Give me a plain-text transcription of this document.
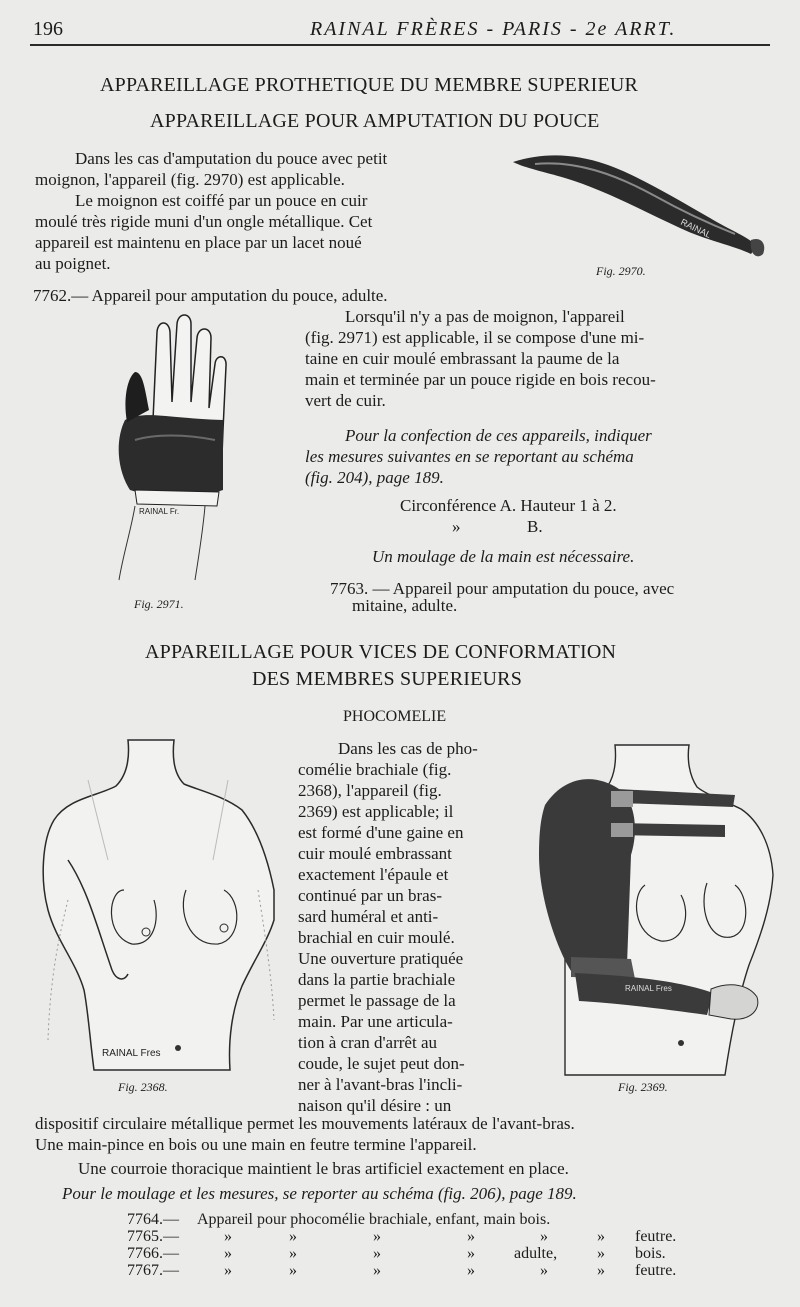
196	RAINAL FRÈRES - PARIS - 2e ARRT.
APPAREILLAGE PROTHETIQUE DU MEMBRE SUPERIEUR
APPAREILLAGE POUR AMPUTATION DU POUCE
Dans les cas d'amputation du pouce avec petit
moignon, l'appareil (fig. 2970) est applicable.
Le moignon est coiffé par un pouce en cuir
moulé très rigide muni d'un ongle métallique. Cet
appareil est maintenu en place par un lacet noué
au poignet.
RAINAL
Fig. 2970.
7762.— Appareil pour amputation du pouce, adulte.
RAINAL Fr.
Fig. 2971.
Lorsqu'il n'y a pas de moignon, l'appareil
(fig. 2971) est applicable, il se compose d'une mi-
taine en cuir moulé embrassant la paume de la
main et terminée par un pouce rigide en bois recou-
vert de cuir.
Pour la confection de ces appareils, indiquer
les mesures suivantes en se reportant au schéma
(fig. 204), page 189.
Circonférence A. Hauteur 1 à 2.
»	B.
Un moulage de la main est nécessaire.
7763. — Appareil pour amputation du pouce, avec
mitaine, adulte.
APPAREILLAGE POUR VICES DE CONFORMATION
DES MEMBRES SUPERIEURS
PHOCOMELIE
RAINAL Fres
Fig. 2368.
Dans les cas de pho-
comélie brachiale (fig.
2368), l'appareil (fig.
2369) est applicable; il
est formé d'une gaine en
cuir moulé embrassant
exactement l'épaule et
continué par un bras-
sard huméral et anti-
brachial en cuir moulé.
Une ouverture pratiquée
dans la partie brachiale
permet le passage de la
main. Par une articula-
tion à cran d'arrêt au
coude, le sujet peut don-
ner à l'avant-bras l'incli-
naison qu'il désire : un
RAINAL Fres
Fig. 2369.
dispositif circulaire métallique permet les mouvements latéraux de l'avant-bras.
Une main-pince en bois ou une main en feutre termine l'appareil.
Une courroie thoracique maintient le bras artificiel exactement en place.
Pour le moulage et les mesures, se reporter au schéma (fig. 206), page 189.
7764.— Appareil pour phocomélie brachiale, enfant, main bois.
7765.—	»	»	»	»	»	» feutre.
7766.—	»	»	»	» adulte, » bois.
7767.—	»	»	»	»	»	» feutre.
